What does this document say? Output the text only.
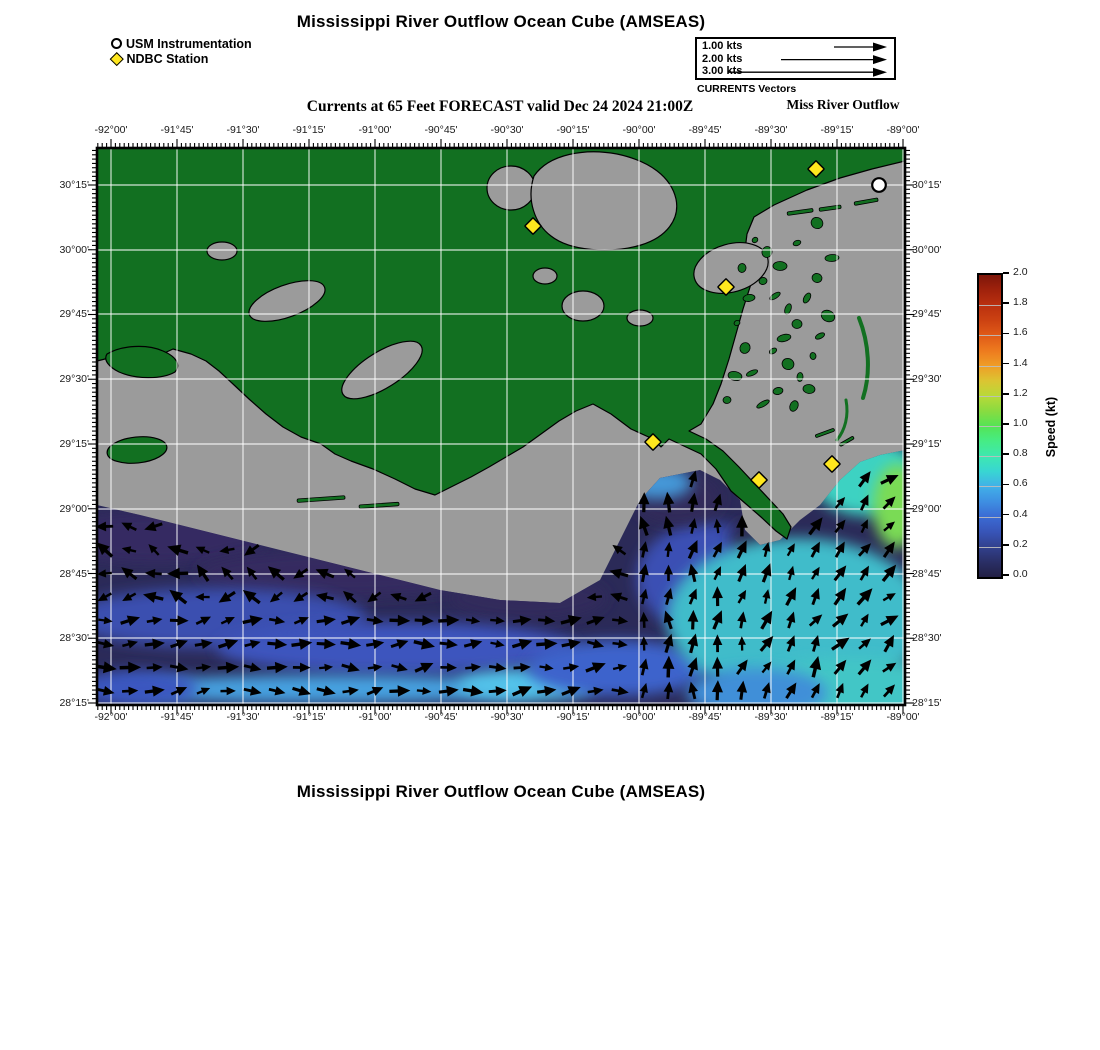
Mississippi River Outflow Ocean Cube (AMSEAS)
USM Instrumentation
NDBC Station
1.00 kts
2.00 kts
3.00 kts
CURRENTS Vectors
Currents at 65 Feet FORECAST valid Dec 24 2024 21:00Z	Miss River Outflow
-92°00'
-92°00'
-91°45'
-91°45'
-91°30'
-91°30'
-91°15'
-91°15'
-91°00'
-91°00'
-90°45'
-90°45'
-90°30'
-90°30'
-90°15'
-90°15'
-90°00'
-90°00'
-89°45'
-89°45'
-89°30'
-89°30'
-89°15'
-89°15'
-89°00'
-89°00'
30°15'	30°15'
30°00'	30°00'
29°45'	29°45'
29°30'	29°30'
29°15'	29°15'
29°00'	29°00'
28°45'	28°45'
28°30'	28°30'
28°15'	28°15'
0.0
0.2
0.4
0.6
0.8
1.0
1.2
1.4
1.6
1.8
2.0
Speed (kt)
Mississippi River Outflow Ocean Cube (AMSEAS)
